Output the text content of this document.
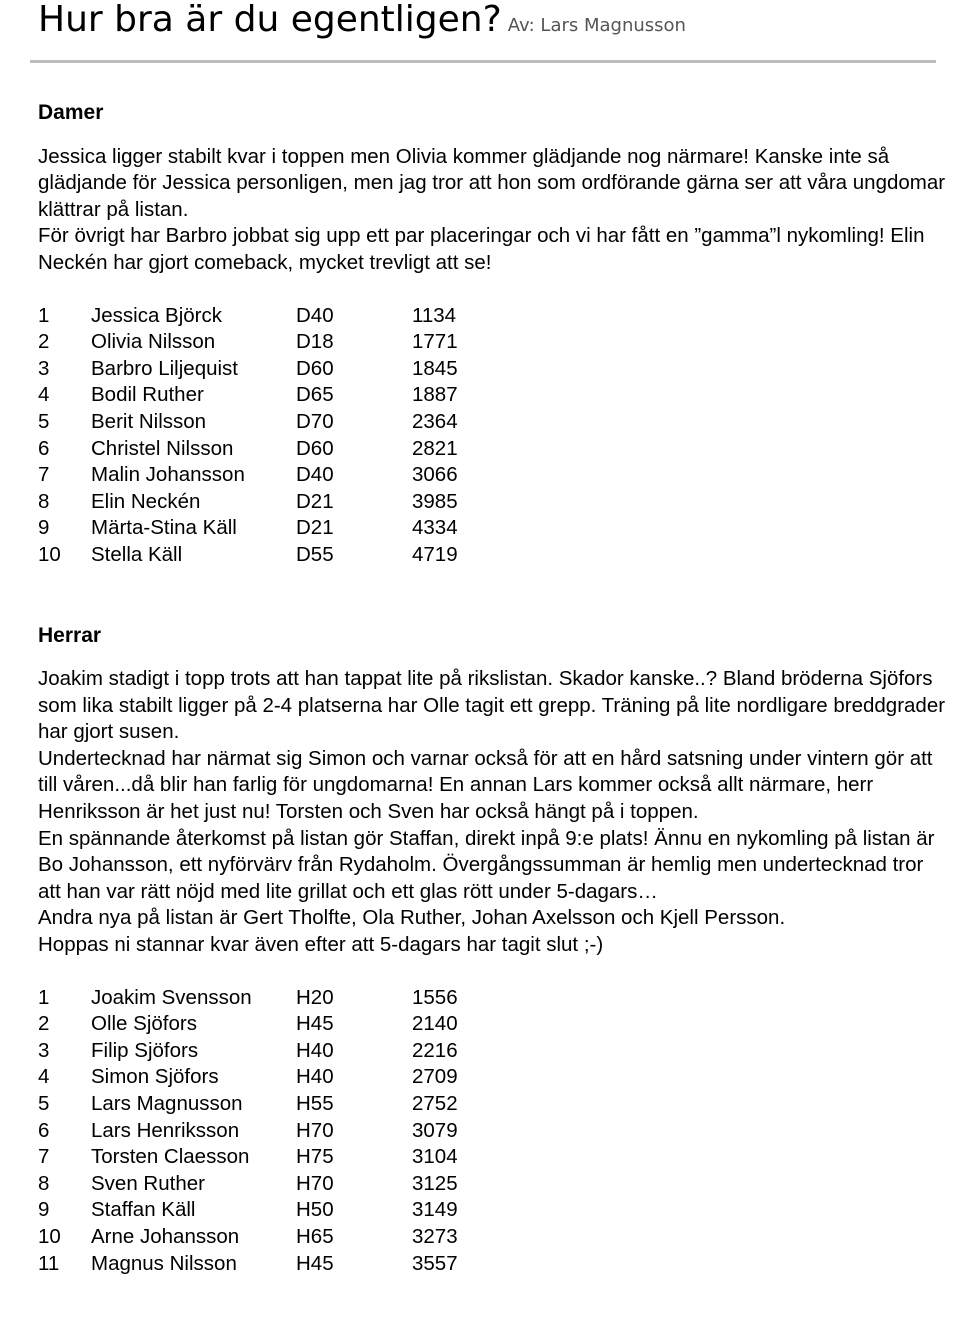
Hur bra är du egentligen? Av: Lars Magnusson
Damer

Jessica ligger stabilt kvar i toppen men Olivia kommer glädjande nog närmare! Kanske inte så glädjande för Jessica personligen, men jag tror att hon som ordförande gärna ser att våra ungdomar klättrar på listan.

För övrigt har Barbro jobbat sig upp ett par placeringar och vi har fått en ”gamma”l nykomling! Elin Neckén har gjort comeback, mycket trevligt att se!

1	Jessica Björck	D40	1134
2	Olivia Nilsson	D18	1771
3	Barbro Liljequist	D60	1845
4	Bodil Ruther	D65	1887
5	Berit Nilsson	D70	2364
6	Christel Nilsson	D60	2821
7	Malin Johansson	D40	3066
8	Elin Neckén	D21	3985
9	Märta-Stina Käll	D21	4334
10	Stella Käll	D55	4719
Herrar

Joakim stadigt i topp trots att han tappat lite på rikslistan. Skador kanske..? Bland bröderna Sjöfors som lika stabilt ligger på 2-4 platserna har Olle tagit ett grepp. Träning på lite nordligare breddgrader har gjort susen.

Undertecknad har närmat sig Simon och varnar också för att en hård satsning under vintern gör att till våren...då blir han farlig för ungdomarna! En annan Lars kommer också allt närmare, herr Henriksson är het just nu! Torsten och Sven har också hängt på i toppen.

En spännande återkomst på listan gör Staffan, direkt inpå 9:e plats! Ännu en nykomling på listan är Bo Johansson, ett nyförvärv från Rydaholm. Övergångssumman är hemlig men undertecknad tror att han var rätt nöjd med lite grillat och ett glas rött under 5-dagars…

Andra nya på listan är Gert Tholfte, Ola Ruther, Johan Axelsson och Kjell Persson.

Hoppas ni stannar kvar även efter att 5-dagars har tagit slut ;-)

1	Joakim Svensson	H20	1556
2	Olle Sjöfors	H45	2140
3	Filip Sjöfors	H40	2216
4	Simon Sjöfors	H40	2709
5	Lars Magnusson	H55	2752
6	Lars Henriksson	H70	3079
7	Torsten Claesson	H75	3104
8	Sven Ruther	H70	3125
9	Staffan Käll	H50	3149
10	Arne Johansson	H65	3273
11	Magnus Nilsson	H45	3557
